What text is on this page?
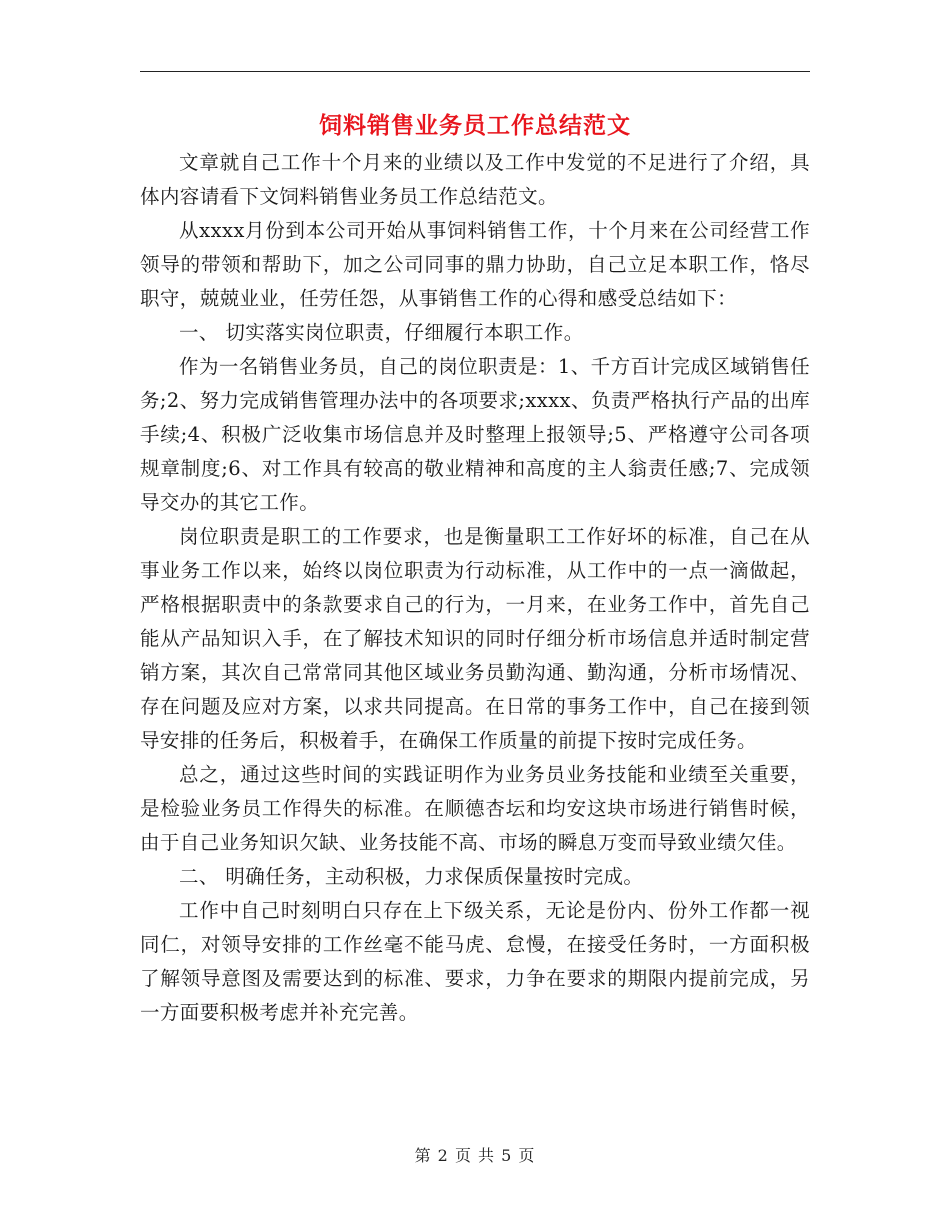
饲料销售业务员工作总结范文

文章就自己工作十个月来的业绩以及工作中发觉的不足进行了介绍，具体内容请看下文饲料销售业务员工作总结范文。

从xxxx月份到本公司开始从事饲料销售工作，十个月来在公司经营工作领导的带领和帮助下，加之公司同事的鼎力协助，自己立足本职工作，恪尽职守，兢兢业业，任劳任怨，从事销售工作的心得和感受总结如下：

一、 切实落实岗位职责，仔细履行本职工作。

作为一名销售业务员，自己的岗位职责是：1、千方百计完成区域销售任务;2、努力完成销售管理办法中的各项要求;xxxx、负责严格执行产品的出库手续;4、积极广泛收集市场信息并及时整理上报领导;5、严格遵守公司各项规章制度;6、对工作具有较高的敬业精神和高度的主人翁责任感;7、完成领导交办的其它工作。

岗位职责是职工的工作要求，也是衡量职工工作好坏的标准，自己在从事业务工作以来，始终以岗位职责为行动标准，从工作中的一点一滴做起，严格根据职责中的条款要求自己的行为，一月来，在业务工作中，首先自己能从产品知识入手，在了解技术知识的同时仔细分析市场信息并适时制定营销方案，其次自己常常同其他区域业务员勤沟通、勤沟通，分析市场情况、存在问题及应对方案，以求共同提高。在日常的事务工作中，自己在接到领导安排的任务后，积极着手，在确保工作质量的前提下按时完成任务。

总之，通过这些时间的实践证明作为业务员业务技能和业绩至关重要，是检验业务员工作得失的标准。在顺德杏坛和均安这块市场进行销售时候，由于自己业务知识欠缺、业务技能不高、市场的瞬息万变而导致业绩欠佳。

二、 明确任务，主动积极，力求保质保量按时完成。

工作中自己时刻明白只存在上下级关系，无论是份内、份外工作都一视同仁，对领导安排的工作丝毫不能马虎、怠慢，在接受任务时，一方面积极了解领导意图及需要达到的标准、要求，力争在要求的期限内提前完成，另一方面要积极考虑并补充完善。

第 2 页 共 5 页
